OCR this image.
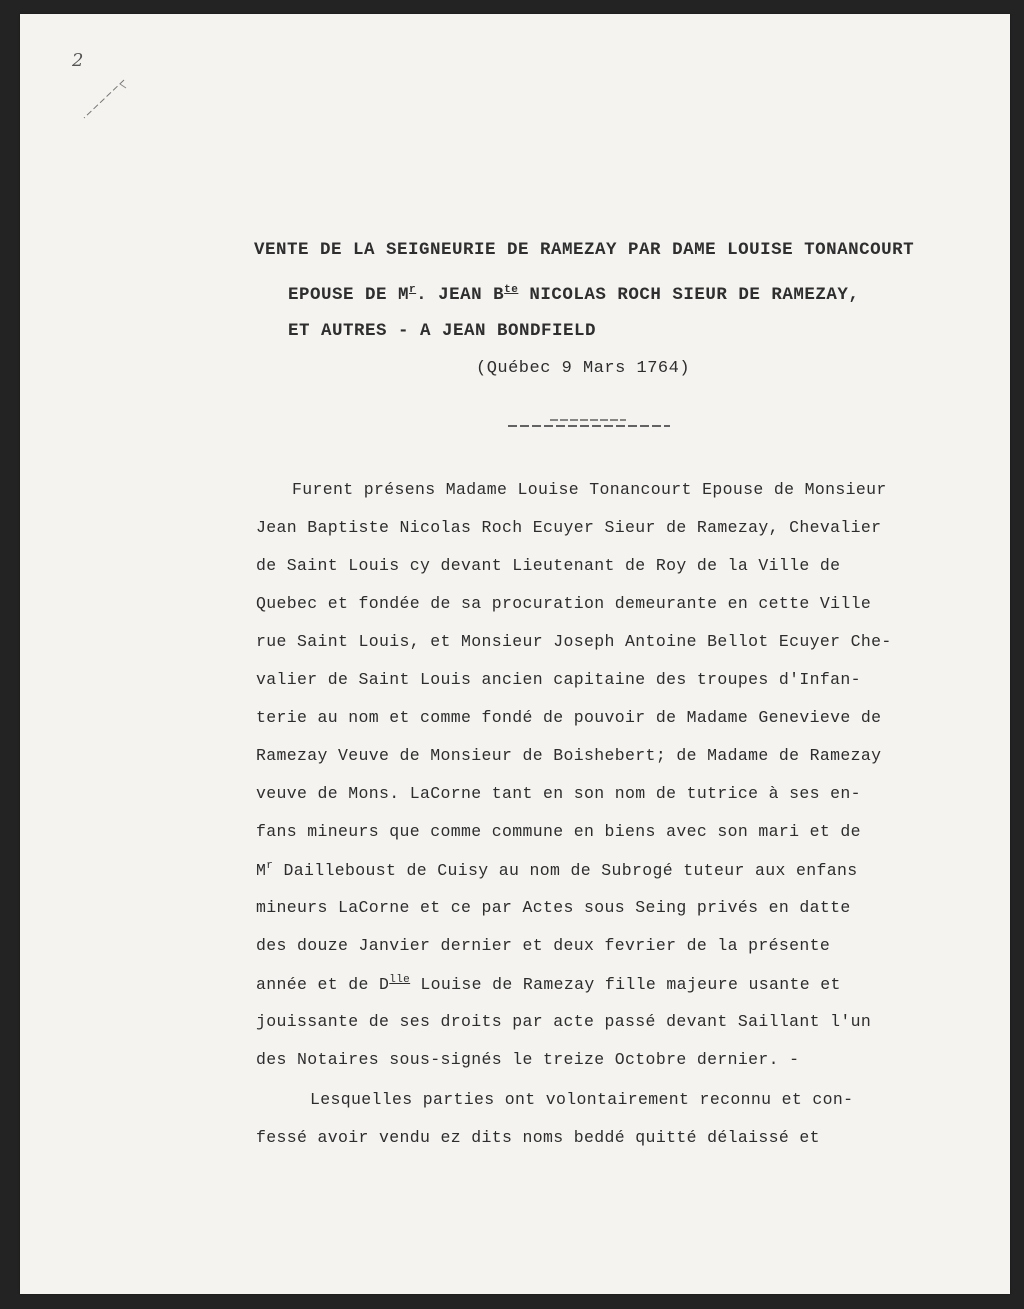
2
VENTE DE LA SEIGNEURIE DE RAMEZAY PAR DAME LOUISE TONANCOURT
EPOUSE DE $M^r$. JEAN $B^{te}$ NICOLAS ROCH SIEUR DE RAMEZAY,
ET AUTRES - A JEAN BONDFIELD
(Québec 9 Mars 1764)
Furent présens Madame Louise Tonancourt Epouse de Monsieur
Jean Baptiste Nicolas Roch Ecuyer Sieur de Ramezay, Chevalier
de Saint Louis cy devant Lieutenant de Roy de la Ville de
Quebec et fondée de sa procuration demeurante en cette Ville
rue Saint Louis, et Monsieur Joseph Antoine Bellot Ecuyer Che-
valier de Saint Louis ancien capitaine des troupes d'Infan-
terie au nom et comme fondé de pouvoir de Madame Genevieve de
Ramezay Veuve de Monsieur de Boishebert; de Madame de Ramezay
veuve de Mons. LaCorne tant en son nom de tutrice à ses en-
fans mineurs que comme commune en biens avec son mari et de
$M^r$ Dailleboust de Cuisy au nom de Subrogé tuteur aux enfans
mineurs LaCorne et ce par Actes sous Seing privés en datte
des douze Janvier dernier et deux fevrier de la présente
année et de $D^{lle}$ Louise de Ramezay fille majeure usante et
jouissante de ses droits par acte passé devant Saillant l'un
des Notaires sous-signés le treize Octobre dernier. -
Lesquelles parties ont volontairement reconnu et con-
fessé avoir vendu ez dits noms beddé quitté délaissé et
